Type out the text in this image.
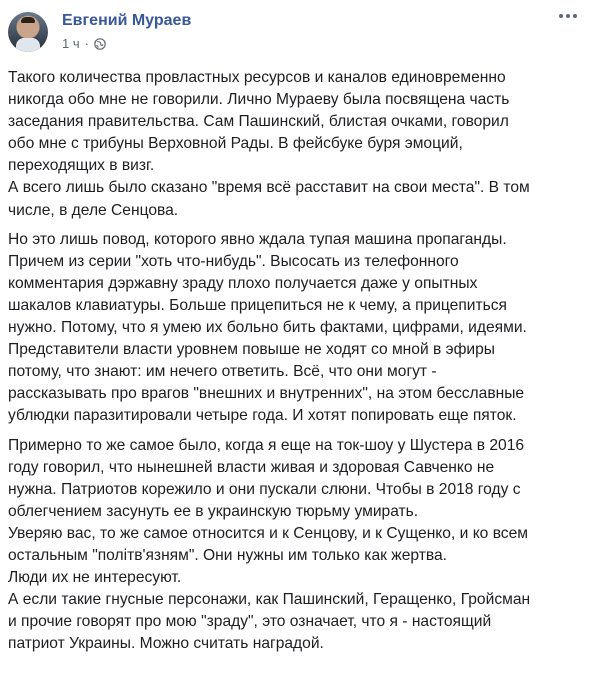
Евгений Мураев
1 ч ·

Такого количества провластных ресурсов и каналов единовременно
никогда обо мне не говорили. Лично Мураеву была посвящена часть
заседания правительства. Сам Пашинский, блистая очками, говорил
обо мне с трибуны Верховной Рады. В фейсбуке буря эмоций,
переходящих в визг.
А всего лишь было сказано "время всё расставит на свои места". В том
числе, в деле Сенцова.

Но это лишь повод, которого явно ждала тупая машина пропаганды.
Причем из серии "хоть что-нибудь". Высосать из телефонного
комментария дэржавну зраду плохо получается даже у опытных
шакалов клавиатуры. Больше прицепиться не к чему, а прицепиться
нужно. Потому, что я умею их больно бить фактами, цифрами, идеями.
Представители власти уровнем повыше не ходят со мной в эфиры
потому, что знают: им нечего ответить. Всё, что они могут -
рассказывать про врагов "внешних и внутренних", на этом бесславные
ублюдки паразитировали четыре года. И хотят попировать еще пяток.

Примерно то же самое было, когда я еще на ток-шоу у Шустера в 2016
году говорил, что нынешней власти живая и здоровая Савченко не
нужна. Патриотов корежило и они пускали слюни. Чтобы в 2018 году с
облегчением засунуть ее в украинскую тюрьму умирать.
Уверяю вас, то же самое относится и к Сенцову, и к Сущенко, и ко всем
остальным "політв'язням". Они нужны им только как жертва.
Люди их не интересуют.
А если такие гнусные персонажи, как Пашинский, Геращенко, Гройсман
и прочие говорят про мою "зраду", это означает, что я - настоящий
патриот Украины. Можно считать наградой.
